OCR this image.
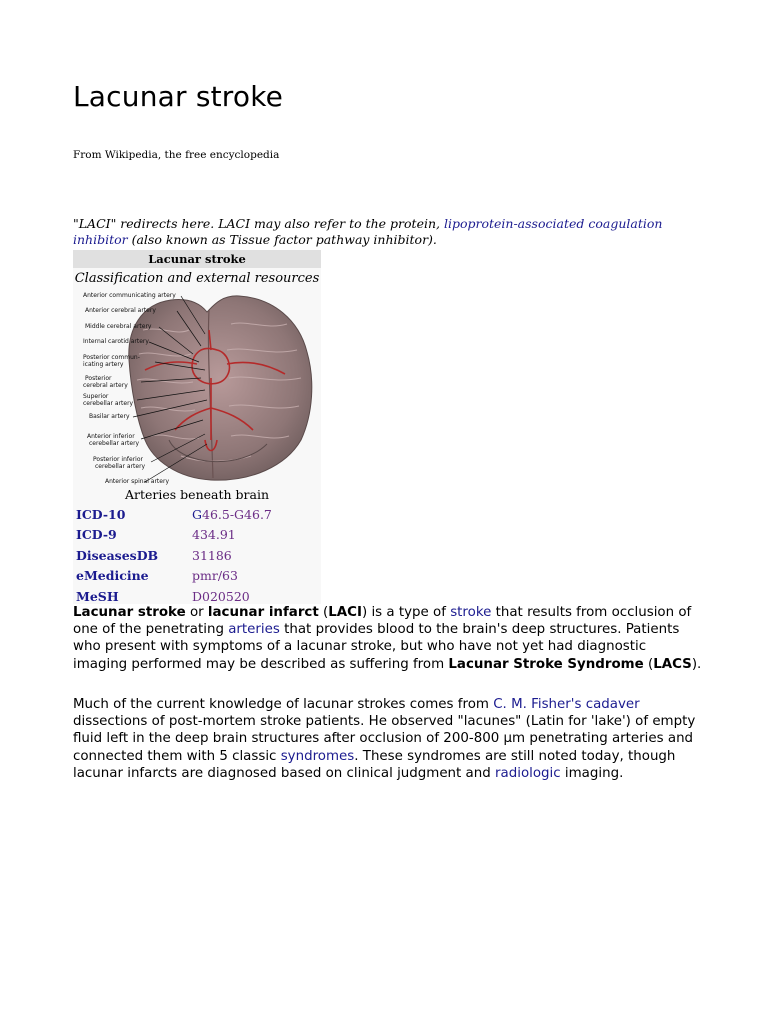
Lacunar stroke
From Wikipedia, the free encyclopedia
"LACI" redirects here. LACI may also refer to the protein, lipoprotein-associated coagulation inhibitor (also known as Tissue factor pathway inhibitor).
Lacunar stroke
Classification and external resources
Anterior communicating artery
Anterior cerebral artery
Middle cerebral artery
Internal carotid artery
Posterior commun-
icating artery
Posterior
cerebral artery
Superior
cerebellar artery
Basilar artery
Anterior inferior
cerebellar artery
Posterior inferior
cerebellar artery
Anterior spinal artery
Arteries beneath brain
ICD-10	G46.5-G46.7
ICD-9	434.91
DiseasesDB	31186
eMedicine	pmr/63
MeSH	D020520

Lacunar stroke or lacunar infarct (LACI) is a type of stroke that results from occlusion of one of the penetrating arteries that provides blood to the brain's deep structures. Patients who present with symptoms of a lacunar stroke, but who have not yet had diagnostic imaging performed may be described as suffering from Lacunar Stroke Syndrome (LACS).

Much of the current knowledge of lacunar strokes comes from C. M. Fisher's cadaver dissections of post-mortem stroke patients. He observed "lacunes" (Latin for 'lake') of empty fluid left in the deep brain structures after occlusion of 200-800 μm penetrating arteries and connected them with 5 classic syndromes. These syndromes are still noted today, though lacunar infarcts are diagnosed based on clinical judgment and radiologic imaging.
